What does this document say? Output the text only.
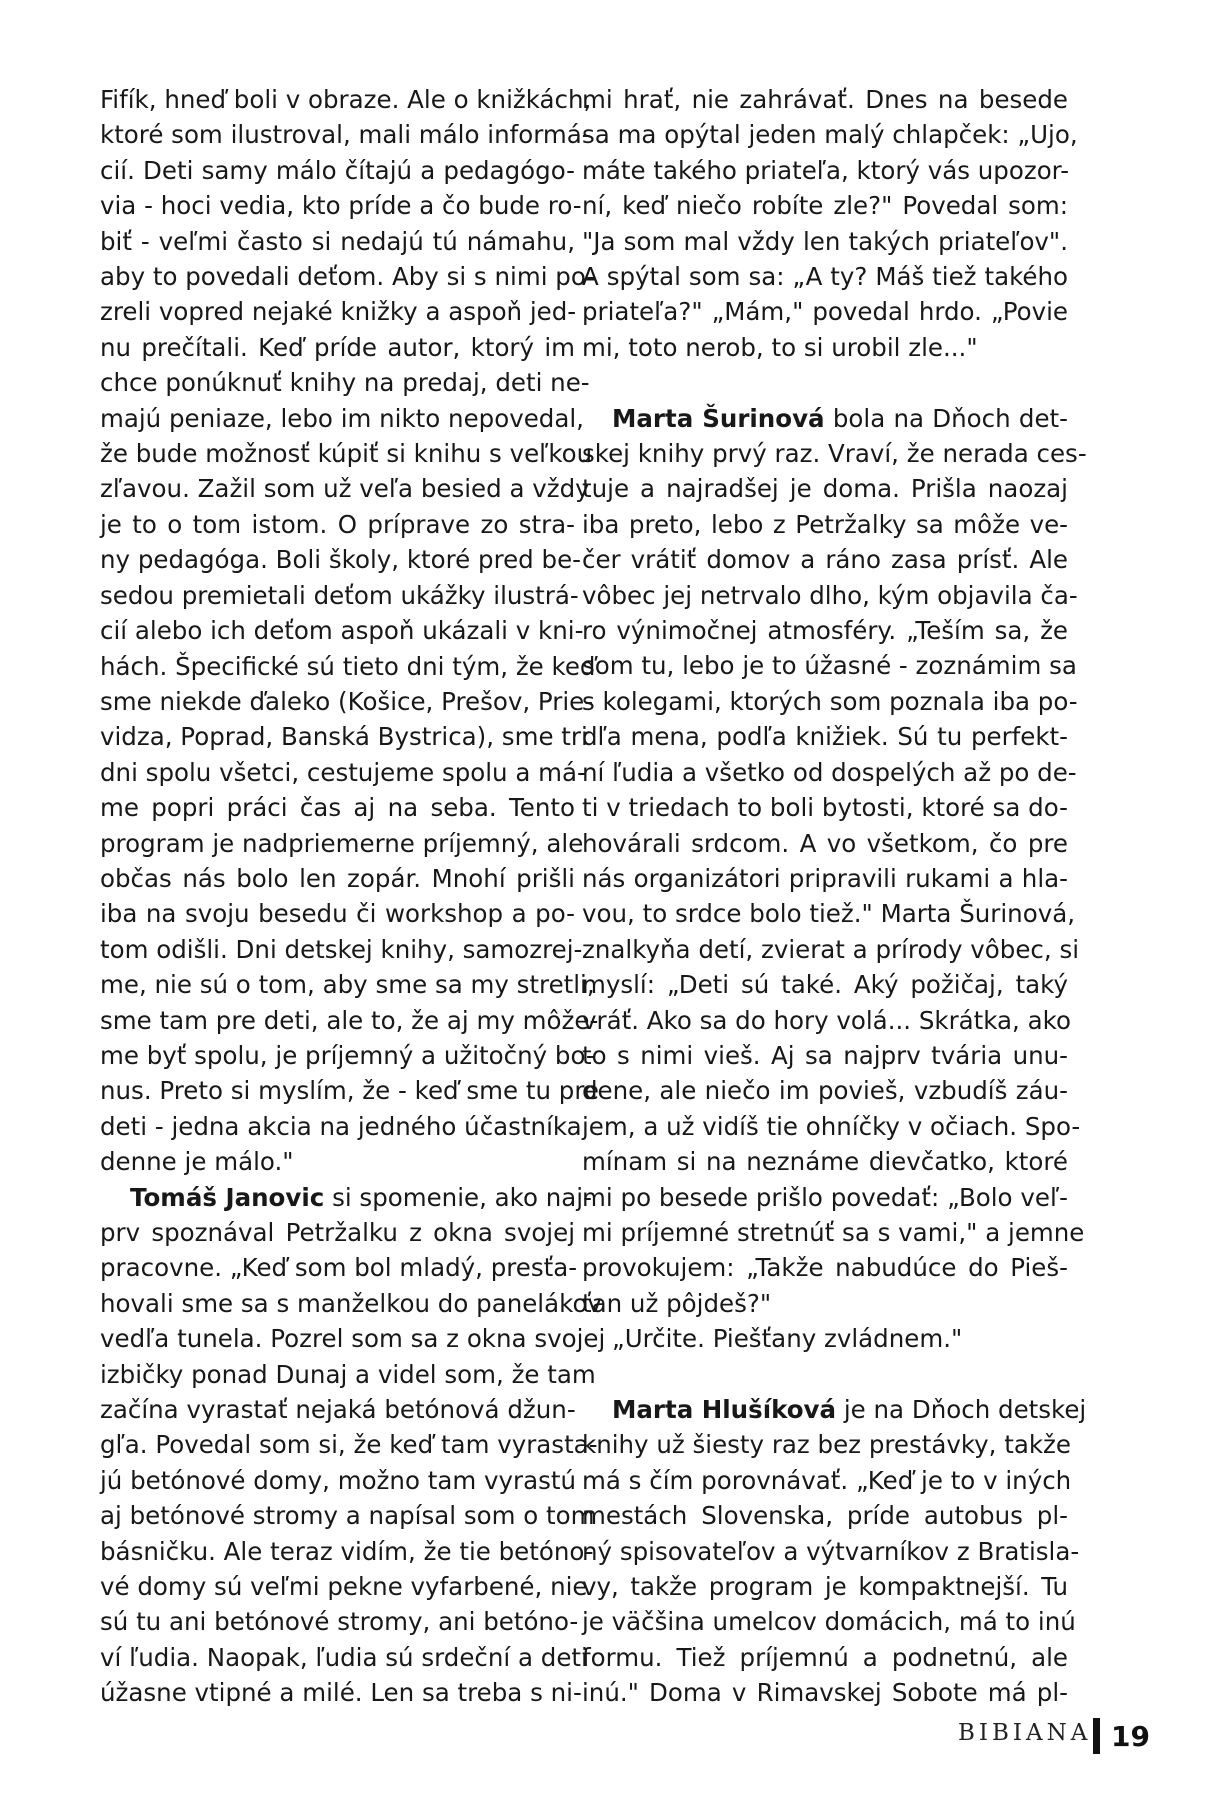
Fifík, hneď boli v obraze. Ale o knižkách,
ktoré som ilustroval, mali málo informá-
cií. Deti samy málo čítajú a pedagógo-
via - hoci vedia, kto príde a čo bude ro-
biť - veľmi často si nedajú tú námahu,
aby to povedali deťom. Aby si s nimi po-
zreli vopred nejaké knižky a aspoň jed-
nu prečítali. Keď príde autor, ktorý im
chce ponúknuť knihy na predaj, deti ne-
majú peniaze, lebo im nikto nepovedal,
že bude možnosť kúpiť si knihu s veľkou
zľavou. Zažil som už veľa besied a vždy
je to o tom istom. O príprave zo stra-
ny pedagóga. Boli školy, ktoré pred be-
sedou premietali deťom ukážky ilustrá-
cií alebo ich deťom aspoň ukázali v kni-
hách. Špecifické sú tieto dni tým, že keď
sme niekde ďaleko (Košice, Prešov, Prie-
vidza, Poprad, Banská Bystrica), sme tri
dni spolu všetci, cestujeme spolu a má-
me popri práci čas aj na seba. Tento
program je nadpriemerne príjemný, ale
občas nás bolo len zopár. Mnohí prišli
iba na svoju besedu či workshop a po-
tom odišli. Dni detskej knihy, samozrej-
me, nie sú o tom, aby sme sa my stretli,
sme tam pre deti, ale to, že aj my môže-
me byť spolu, je príjemný a užitočný bo-
nus. Preto si myslím, že - keď sme tu pre
deti - jedna akcia na jedného účastníka
denne je málo."
Tomáš Janovic si spomenie, ako naj-
prv spoznával Petržalku z okna svojej
pracovne. „Keď som bol mladý, presťa-
hovali sme sa s manželkou do panelákov
vedľa tunela. Pozrel som sa z okna svojej
izbičky ponad Dunaj a videl som, že tam
začína vyrastať nejaká betónová džun-
gľa. Povedal som si, že keď tam vyrasta-
jú betónové domy, možno tam vyrastú
aj betónové stromy a napísal som o tom
básničku. Ale teraz vidím, že tie betóno-
vé domy sú veľmi pekne vyfarbené, nie
sú tu ani betónové stromy, ani betóno-
ví ľudia. Naopak, ľudia sú srdeční a deti
úžasne vtipné a milé. Len sa treba s ni-
mi hrať, nie zahrávať. Dnes na besede
sa ma opýtal jeden malý chlapček: „Ujo,
máte takého priateľa, ktorý vás upozor-
ní, keď niečo robíte zle?" Povedal som:
"Ja som mal vždy len takých priateľov".
A spýtal som sa: „A ty? Máš tiež takého
priateľa?" „Mám," povedal hrdo. „Povie
mi, toto nerob, to si urobil zle..."
Marta Šurinová bola na Dňoch det-
skej knihy prvý raz. Vraví, že nerada ces-
tuje a najradšej je doma. Prišla naozaj
iba preto, lebo z Petržalky sa môže ve-
čer vrátiť domov a ráno zasa prísť. Ale
vôbec jej netrvalo dlho, kým objavila ča-
ro výnimočnej atmosféry. „Teším sa, že
som tu, lebo je to úžasné - zoznámim sa
s kolegami, ktorých som poznala iba po-
dľa mena, podľa knižiek. Sú tu perfekt-
ní ľudia a všetko od dospelých až po de-
ti v triedach to boli bytosti, ktoré sa do-
hovárali srdcom. A vo všetkom, čo pre
nás organizátori pripravili rukami a hla-
vou, to srdce bolo tiež." Marta Šurinová,
znalkyňa detí, zvierat a prírody vôbec, si
myslí: „Deti sú také. Aký požičaj, taký
vráť. Ako sa do hory volá... Skrátka, ako
to s nimi vieš. Aj sa najprv tvária unu-
dene, ale niečo im povieš, vzbudíš záu-
jem, a už vidíš tie ohníčky v očiach. Spo-
mínam si na neznáme dievčatko, ktoré
mi po besede prišlo povedať: „Bolo veľ-
mi príjemné stretnúť sa s vami," a jemne
provokujem: „Takže nabudúce do Pieš-
ťan už pôjdeš?"
„Určite. Piešťany zvládnem."
Marta Hlušíková je na Dňoch detskej
knihy už šiesty raz bez prestávky, takže
má s čím porovnávať. „Keď je to v iných
mestách Slovenska, príde autobus pl-
ný spisovateľov a výtvarníkov z Bratisla-
vy, takže program je kompaktnejší. Tu
je väčšina umelcov domácich, má to inú
formu. Tiež príjemnú a podnetnú, ale
inú." Doma v Rimavskej Sobote má pl-
BIBIANA 19
